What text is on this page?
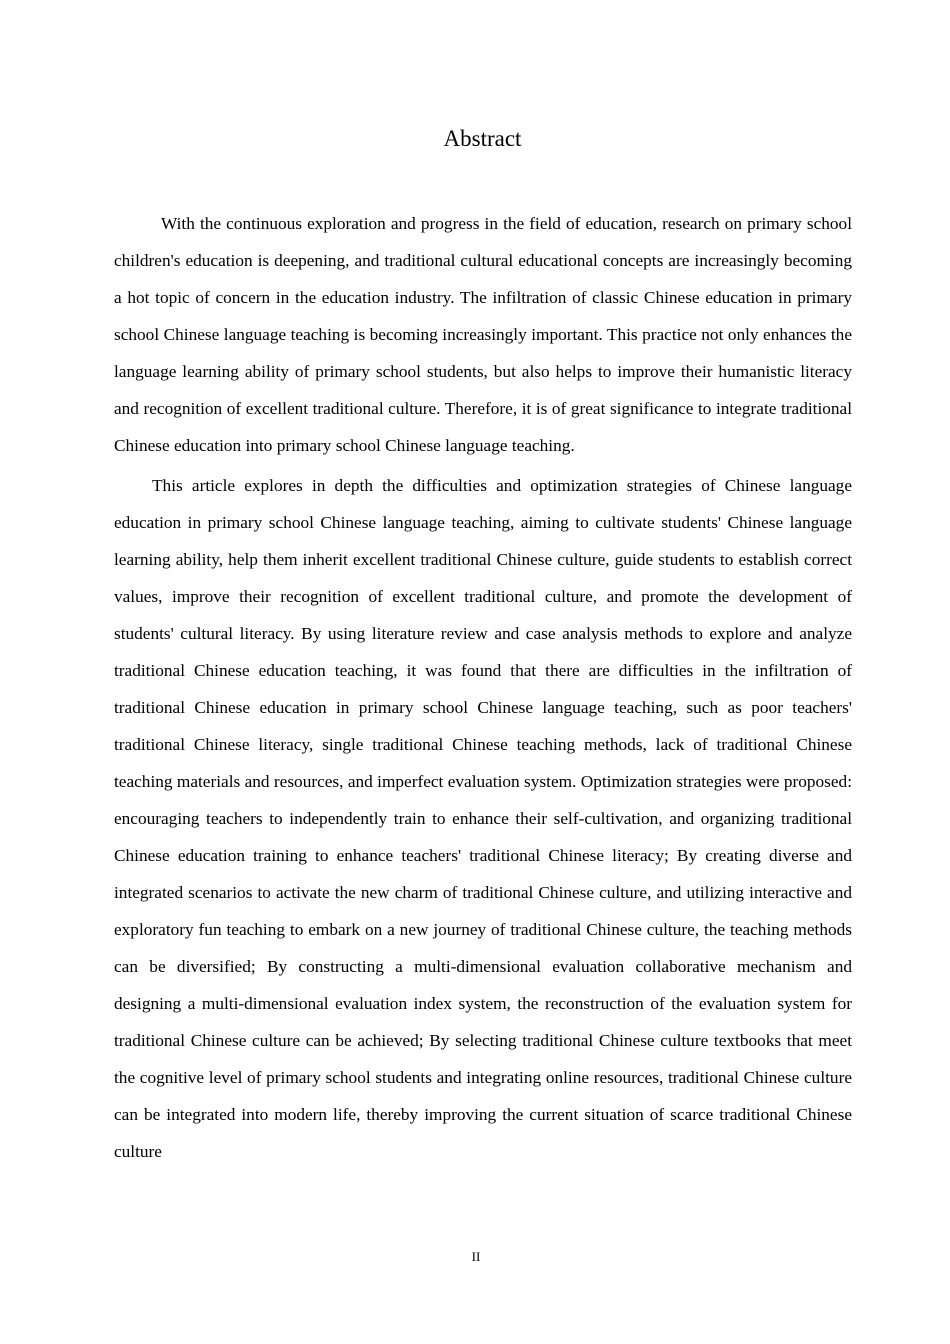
Abstract

With the continuous exploration and progress in the field of education, research on primary school children's education is deepening, and traditional cultural educational concepts are increasingly becoming a hot topic of concern in the education industry. The infiltration of classic Chinese education in primary school Chinese language teaching is becoming increasingly important. This practice not only enhances the language learning ability of primary school students, but also helps to improve their humanistic literacy and recognition of excellent traditional culture. Therefore, it is of great significance to integrate traditional Chinese education into primary school Chinese language teaching.

This article explores in depth the difficulties and optimization strategies of Chinese language education in primary school Chinese language teaching, aiming to cultivate students' Chinese language learning ability, help them inherit excellent traditional Chinese culture, guide students to establish correct values, improve their recognition of excellent traditional culture, and promote the development of students' cultural literacy. By using literature review and case analysis methods to explore and analyze traditional Chinese education teaching, it was found that there are difficulties in the infiltration of traditional Chinese education in primary school Chinese language teaching, such as poor teachers' traditional Chinese literacy, single traditional Chinese teaching methods, lack of traditional Chinese teaching materials and resources, and imperfect evaluation system. Optimization strategies were proposed: encouraging teachers to independently train to enhance their self-cultivation, and organizing traditional Chinese education training to enhance teachers' traditional Chinese literacy; By creating diverse and integrated scenarios to activate the new charm of traditional Chinese culture, and utilizing interactive and exploratory fun teaching to embark on a new journey of traditional Chinese culture, the teaching methods can be diversified; By constructing a multi-dimensional evaluation collaborative mechanism and designing a multi-dimensional evaluation index system, the reconstruction of the evaluation system for traditional Chinese culture can be achieved; By selecting traditional Chinese culture textbooks that meet the cognitive level of primary school students and integrating online resources, traditional Chinese culture can be integrated into modern life, thereby improving the current situation of scarce traditional Chinese culture

II
